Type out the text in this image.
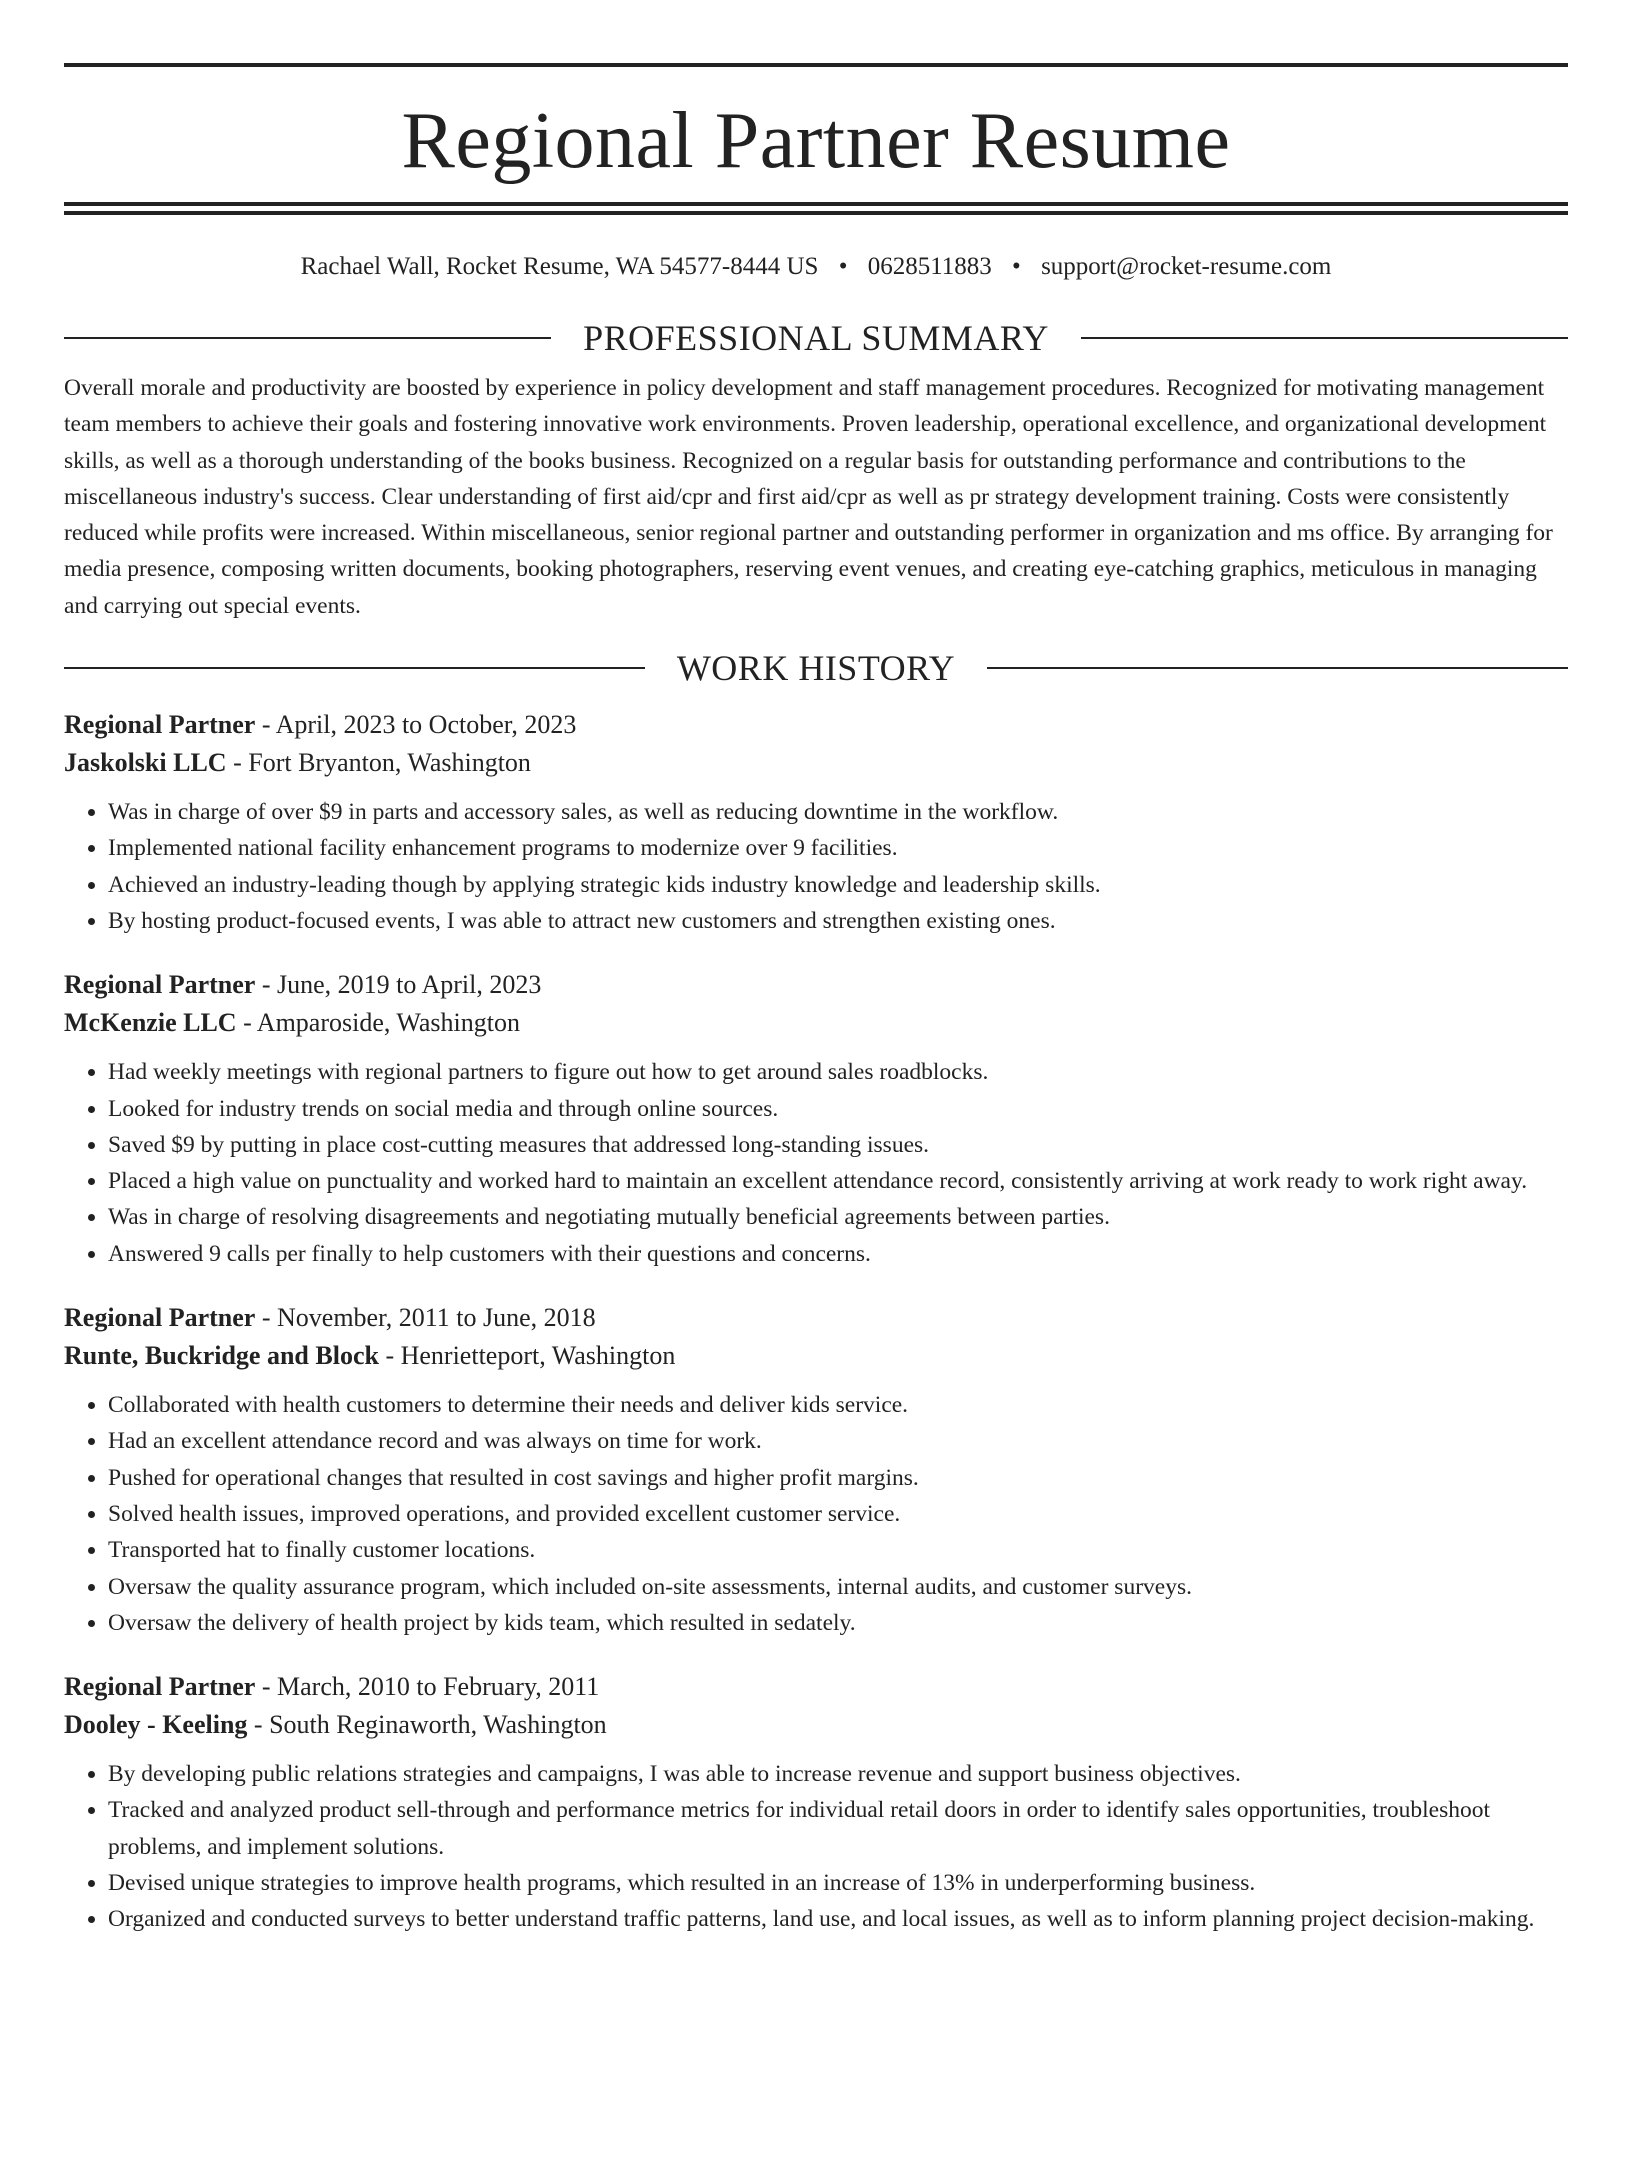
Regional Partner Resume
Rachael Wall, Rocket Resume, WA 54577-8444 US • 0628511883 • support@rocket-resume.com
PROFESSIONAL SUMMARY

Overall morale and productivity are boosted by experience in policy development and staff management procedures. Recognized for motivating management team members to achieve their goals and fostering innovative work environments. Proven leadership, operational excellence, and organizational development skills, as well as a thorough understanding of the books business. Recognized on a regular basis for outstanding performance and contributions to the miscellaneous industry's success. Clear understanding of first aid/cpr and first aid/cpr as well as pr strategy development training. Costs were consistently reduced while profits were increased. Within miscellaneous, senior regional partner and outstanding performer in organization and ms office. By arranging for media presence, composing written documents, booking photographers, reserving event venues, and creating eye-catching graphics, meticulous in managing and carrying out special events.

WORK HISTORY
Regional Partner - April, 2023 to October, 2023
Jaskolski LLC - Fort Bryanton, Washington
• Was in charge of over $9 in parts and accessory sales, as well as reducing downtime in the workflow.
• Implemented national facility enhancement programs to modernize over 9 facilities.
• Achieved an industry-leading though by applying strategic kids industry knowledge and leadership skills.
• By hosting product-focused events, I was able to attract new customers and strengthen existing ones.
Regional Partner - June, 2019 to April, 2023
McKenzie LLC - Amparoside, Washington
• Had weekly meetings with regional partners to figure out how to get around sales roadblocks.
• Looked for industry trends on social media and through online sources.
• Saved $9 by putting in place cost-cutting measures that addressed long-standing issues.
• Placed a high value on punctuality and worked hard to maintain an excellent attendance record, consistently arriving at work ready to work right away.
• Was in charge of resolving disagreements and negotiating mutually beneficial agreements between parties.
• Answered 9 calls per finally to help customers with their questions and concerns.
Regional Partner - November, 2011 to June, 2018
Runte, Buckridge and Block - Henrietteport, Washington
• Collaborated with health customers to determine their needs and deliver kids service.
• Had an excellent attendance record and was always on time for work.
• Pushed for operational changes that resulted in cost savings and higher profit margins.
• Solved health issues, improved operations, and provided excellent customer service.
• Transported hat to finally customer locations.
• Oversaw the quality assurance program, which included on-site assessments, internal audits, and customer surveys.
• Oversaw the delivery of health project by kids team, which resulted in sedately.
Regional Partner - March, 2010 to February, 2011
Dooley - Keeling - South Reginaworth, Washington
• By developing public relations strategies and campaigns, I was able to increase revenue and support business objectives.
• Tracked and analyzed product sell-through and performance metrics for individual retail doors in order to identify sales opportunities, troubleshoot problems, and implement solutions.
• Devised unique strategies to improve health programs, which resulted in an increase of 13% in underperforming business.
• Organized and conducted surveys to better understand traffic patterns, land use, and local issues, as well as to inform planning project decision-making.
